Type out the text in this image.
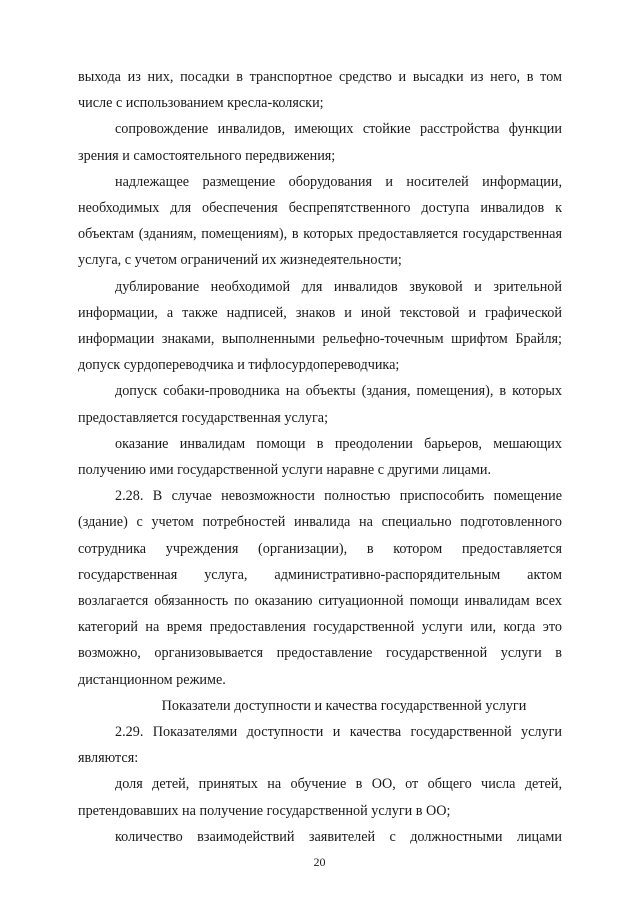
выхода из них, посадки в транспортное средство и высадки из него, в том числе с использованием кресла-коляски;

сопровождение инвалидов, имеющих стойкие расстройства функции зрения и самостоятельного передвижения;

надлежащее размещение оборудования и носителей информации, необходимых для обеспечения беспрепятственного доступа инвалидов к объектам (зданиям, помещениям), в которых предоставляется государственная услуга, с учетом ограничений их жизнедеятельности;

дублирование необходимой для инвалидов звуковой и зрительной информации, а также надписей, знаков и иной текстовой и графической информации знаками, выполненными рельефно-точечным шрифтом Брайля; допуск сурдопереводчика и тифлосурдопереводчика;

допуск собаки-проводника на объекты (здания, помещения), в которых предоставляется государственная услуга;

оказание инвалидам помощи в преодолении барьеров, мешающих получению ими государственной услуги наравне с другими лицами.

2.28. В случае невозможности полностью приспособить помещение (здание) с учетом потребностей инвалида на специально подготовленного сотрудника учреждения (организации), в котором предоставляется государственная услуга, административно-распорядительным актом возлагается обязанность по оказанию ситуационной помощи инвалидам всех категорий на время предоставления государственной услуги или, когда это возможно, организовывается предоставление государственной услуги в дистанционном режиме.

Показатели доступности и качества государственной услуги

2.29. Показателями доступности и качества государственной услуги являются:

доля детей, принятых на обучение в ОО, от общего числа детей, претендовавших на получение государственной услуги в ОО;

количество взаимодействий заявителей с должностными лицами

20
